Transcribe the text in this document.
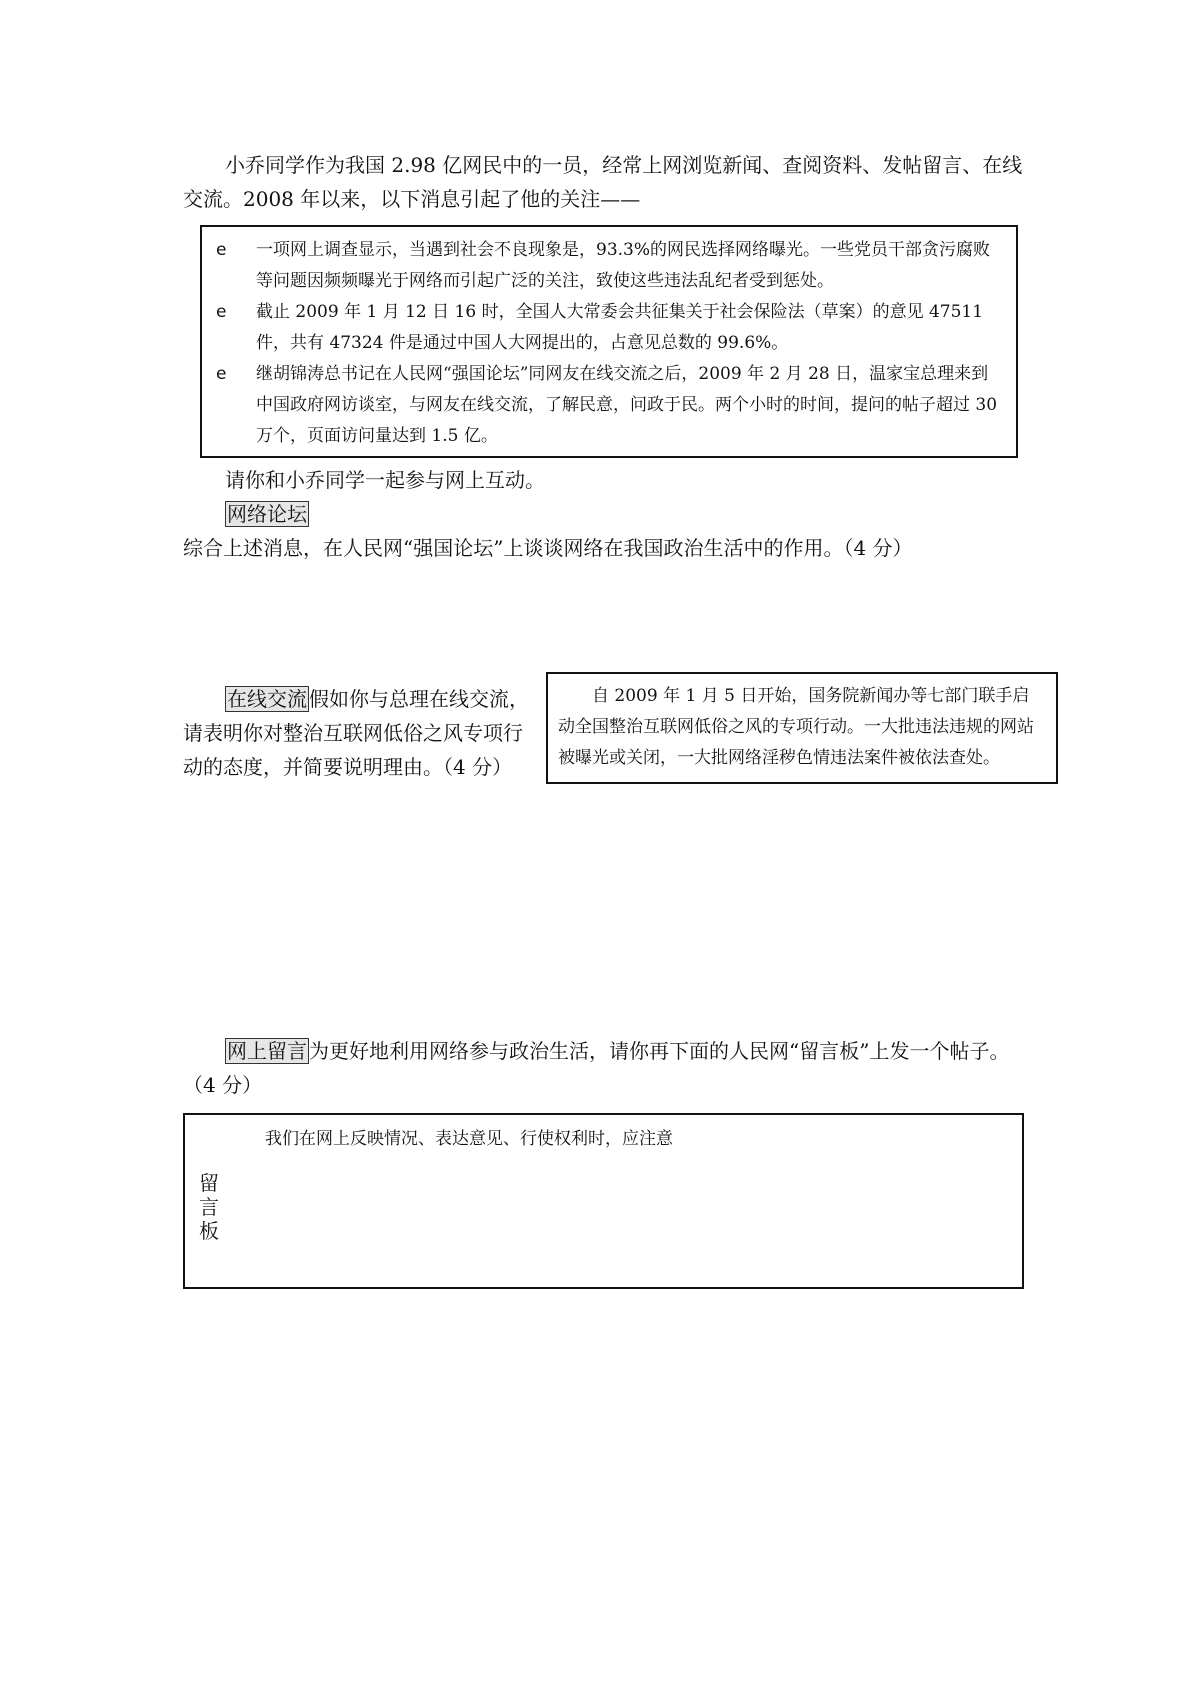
小乔同学作为我国 2.98 亿网民中的一员，经常上网浏览新闻、查阅资料、发帖留言、在线交流。2008 年以来，以下消息引起了他的关注——

e	一项网上调查显示，当遇到社会不良现象是，93.3%的网民选择网络曝光。一些党员干部贪污腐败等问题因频频曝光于网络而引起广泛的关注，致使这些违法乱纪者受到惩处。
e	截止 2009 年 1 月 12 日 16 时，全国人大常委会共征集关于社会保险法（草案）的意见 47511 件，共有 47324 件是通过中国人大网提出的，占意见总数的 99.6%。
e	继胡锦涛总书记在人民网“强国论坛”同网友在线交流之后，2009 年 2 月 28 日，温家宝总理来到中国政府网访谈室，与网友在线交流，了解民意，问政于民。两个小时的时间，提问的帖子超过 30 万个，页面访问量达到 1.5 亿。

请你和小乔同学一起参与网上互动。

网络论坛综合上述消息，在人民网“强国论坛”上谈谈网络在我国政治生活中的作用。（4 分）

在线交流 假如你与总理在线交流，请表明你对整治互联网低俗之风专项行动的态度，并简要说明理由。（4 分）

自 2009 年 1 月 5 日开始，国务院新闻办等七部门联手启动全国整治互联网低俗之风的专项行动。一大批违法违规的网站被曝光或关闭，一大批网络淫秽色情违法案件被依法查处。

网上留言 为更好地利用网络参与政治生活，请你再下面的人民网“留言板”上发一个帖子。（4 分）

留
言
板
我们在网上反映情况、表达意见、行使权利时，应注意
